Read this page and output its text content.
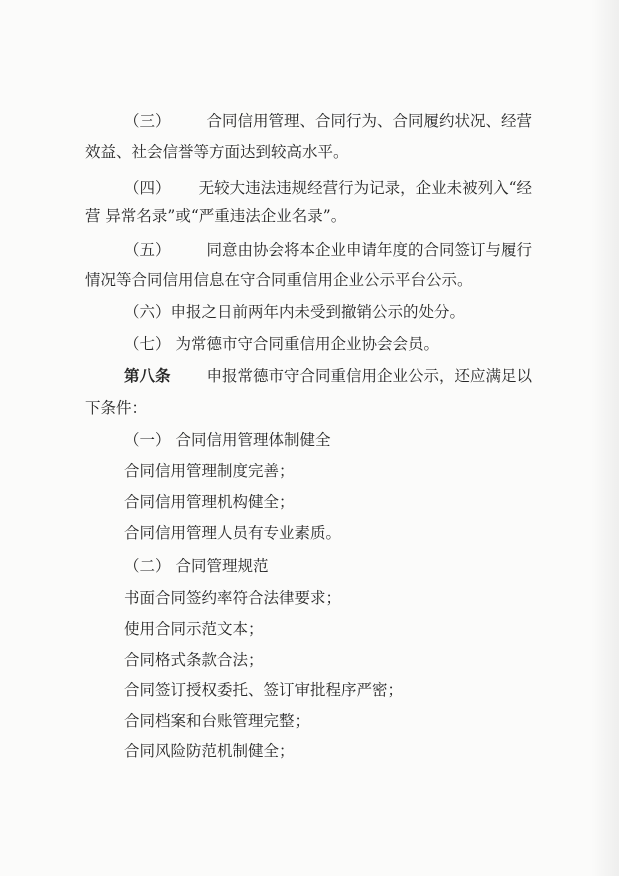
（三） 合同信用管理、合同行为、合同履约状况、经营
效益、社会信誉等方面达到较高水平。
（四） 无较大违法违规经营行为记录，企业未被列入“经
营 异常名录”或“严重违法企业名录”。
（五） 同意由协会将本企业申请年度的合同签订与履行
情况等合同信用信息在守合同重信用企业公示平台公示。
（六）申报之日前两年内未受到撤销公示的处分。
（七） 为常德市守合同重信用企业协会会员。
第八条 申报常德市守合同重信用企业公示，还应满足以
下条件：
（一） 合同信用管理体制健全
合同信用管理制度完善；
合同信用管理机构健全；
合同信用管理人员有专业素质。
（二） 合同管理规范
书面合同签约率符合法律要求；
使用合同示范文本；
合同格式条款合法；
合同签订授权委托、签订审批程序严密；
合同档案和台账管理完整；
合同风险防范机制健全；
